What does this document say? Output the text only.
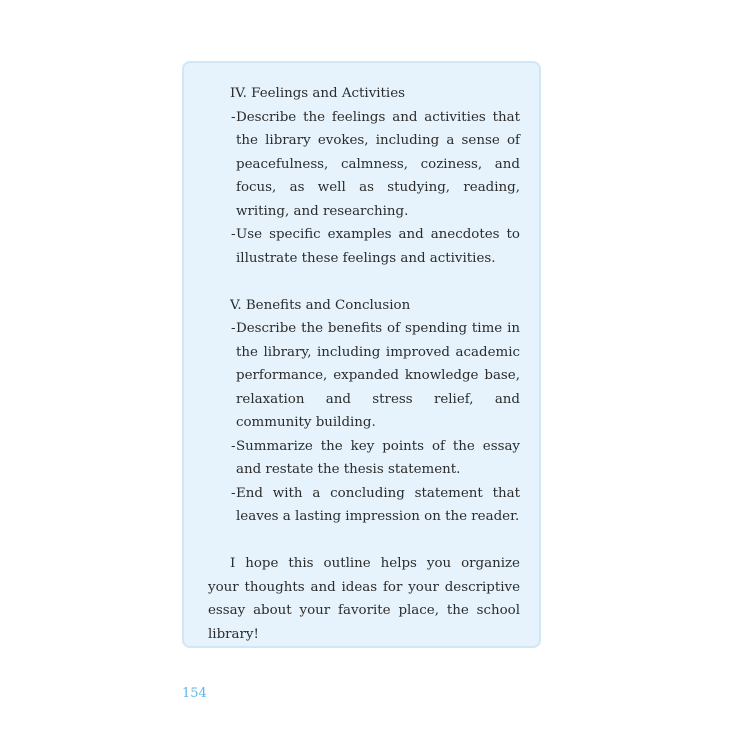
IV. Feelings and Activities

- Describe the feelings and activities that the library evokes, including a sense of peacefulness, calmness, coziness, and focus, as well as studying, reading, writing, and researching.

- Use specific examples and anecdotes to illustrate these feelings and activities.

V. Benefits and Conclusion

- Describe the benefits of spending time in the library, including improved academic performance, expanded knowledge base, relaxation and stress relief, and community building.

- Summarize the key points of the essay and restate the thesis statement.

- End with a concluding statement that leaves a lasting impression on the reader.

I hope this outline helps you organize your thoughts and ideas for your descriptive essay about your favorite place, the school library!

154
